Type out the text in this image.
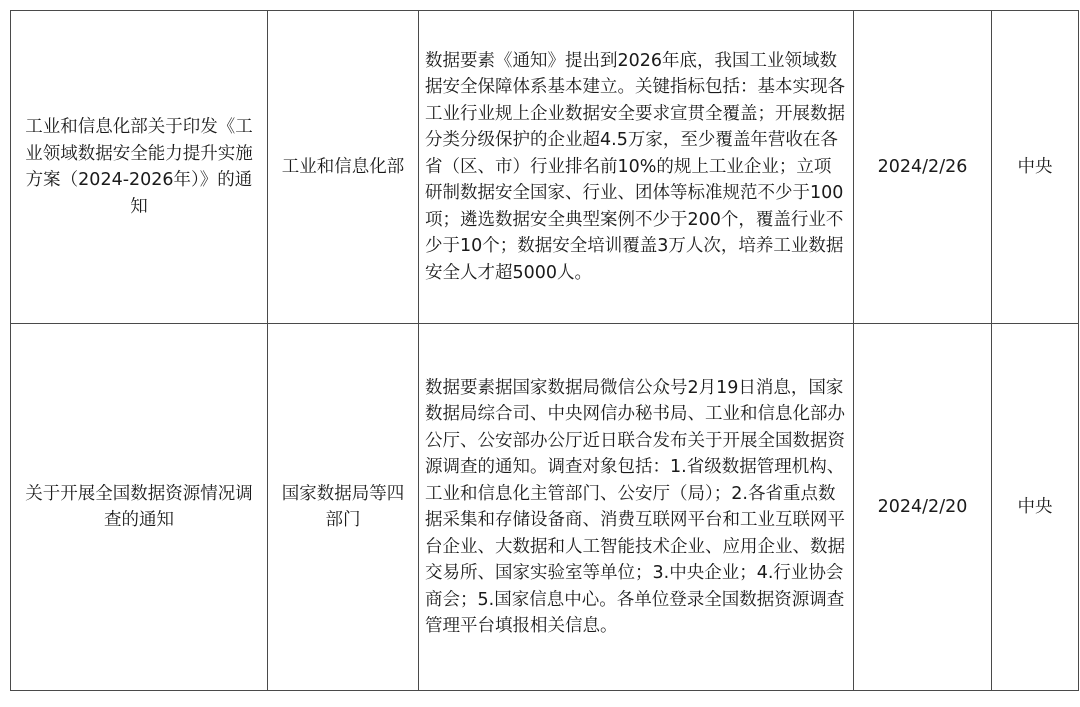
工业和信息化部关于印发《工业领域数据安全能力提升实施方案（2024-2026年）》的通知	工业和信息化部	数据要素《通知》提出到2026年底，我国工业领域数据安全保障体系基本建立。关键指标包括：基本实现各工业行业规上企业数据安全要求宣贯全覆盖；开展数据分类分级保护的企业超4.5万家，至少覆盖年营收在各省（区、市）行业排名前10%的规上工业企业；立项研制数据安全国家、行业、团体等标准规范不少于100项；遴选数据安全典型案例不少于200个，覆盖行业不少于10个；数据安全培训覆盖3万人次，培养工业数据安全人才超5000人。	2024/2/26	中央
关于开展全国数据资源情况调查的通知	国家数据局等四部门	数据要素据国家数据局微信公众号2月19日消息，国家数据局综合司、中央网信办秘书局、工业和信息化部办公厅、公安部办公厅近日联合发布关于开展全国数据资源调查的通知。调查对象包括：1.省级数据管理机构、工业和信息化主管部门、公安厅（局）；2.各省重点数据采集和存储设备商、消费互联网平台和工业互联网平台企业、大数据和人工智能技术企业、应用企业、数据交易所、国家实验室等单位；3.中央企业；4.行业协会商会；5.国家信息中心。各单位登录全国数据资源调查管理平台填报相关信息。	2024/2/20	中央
